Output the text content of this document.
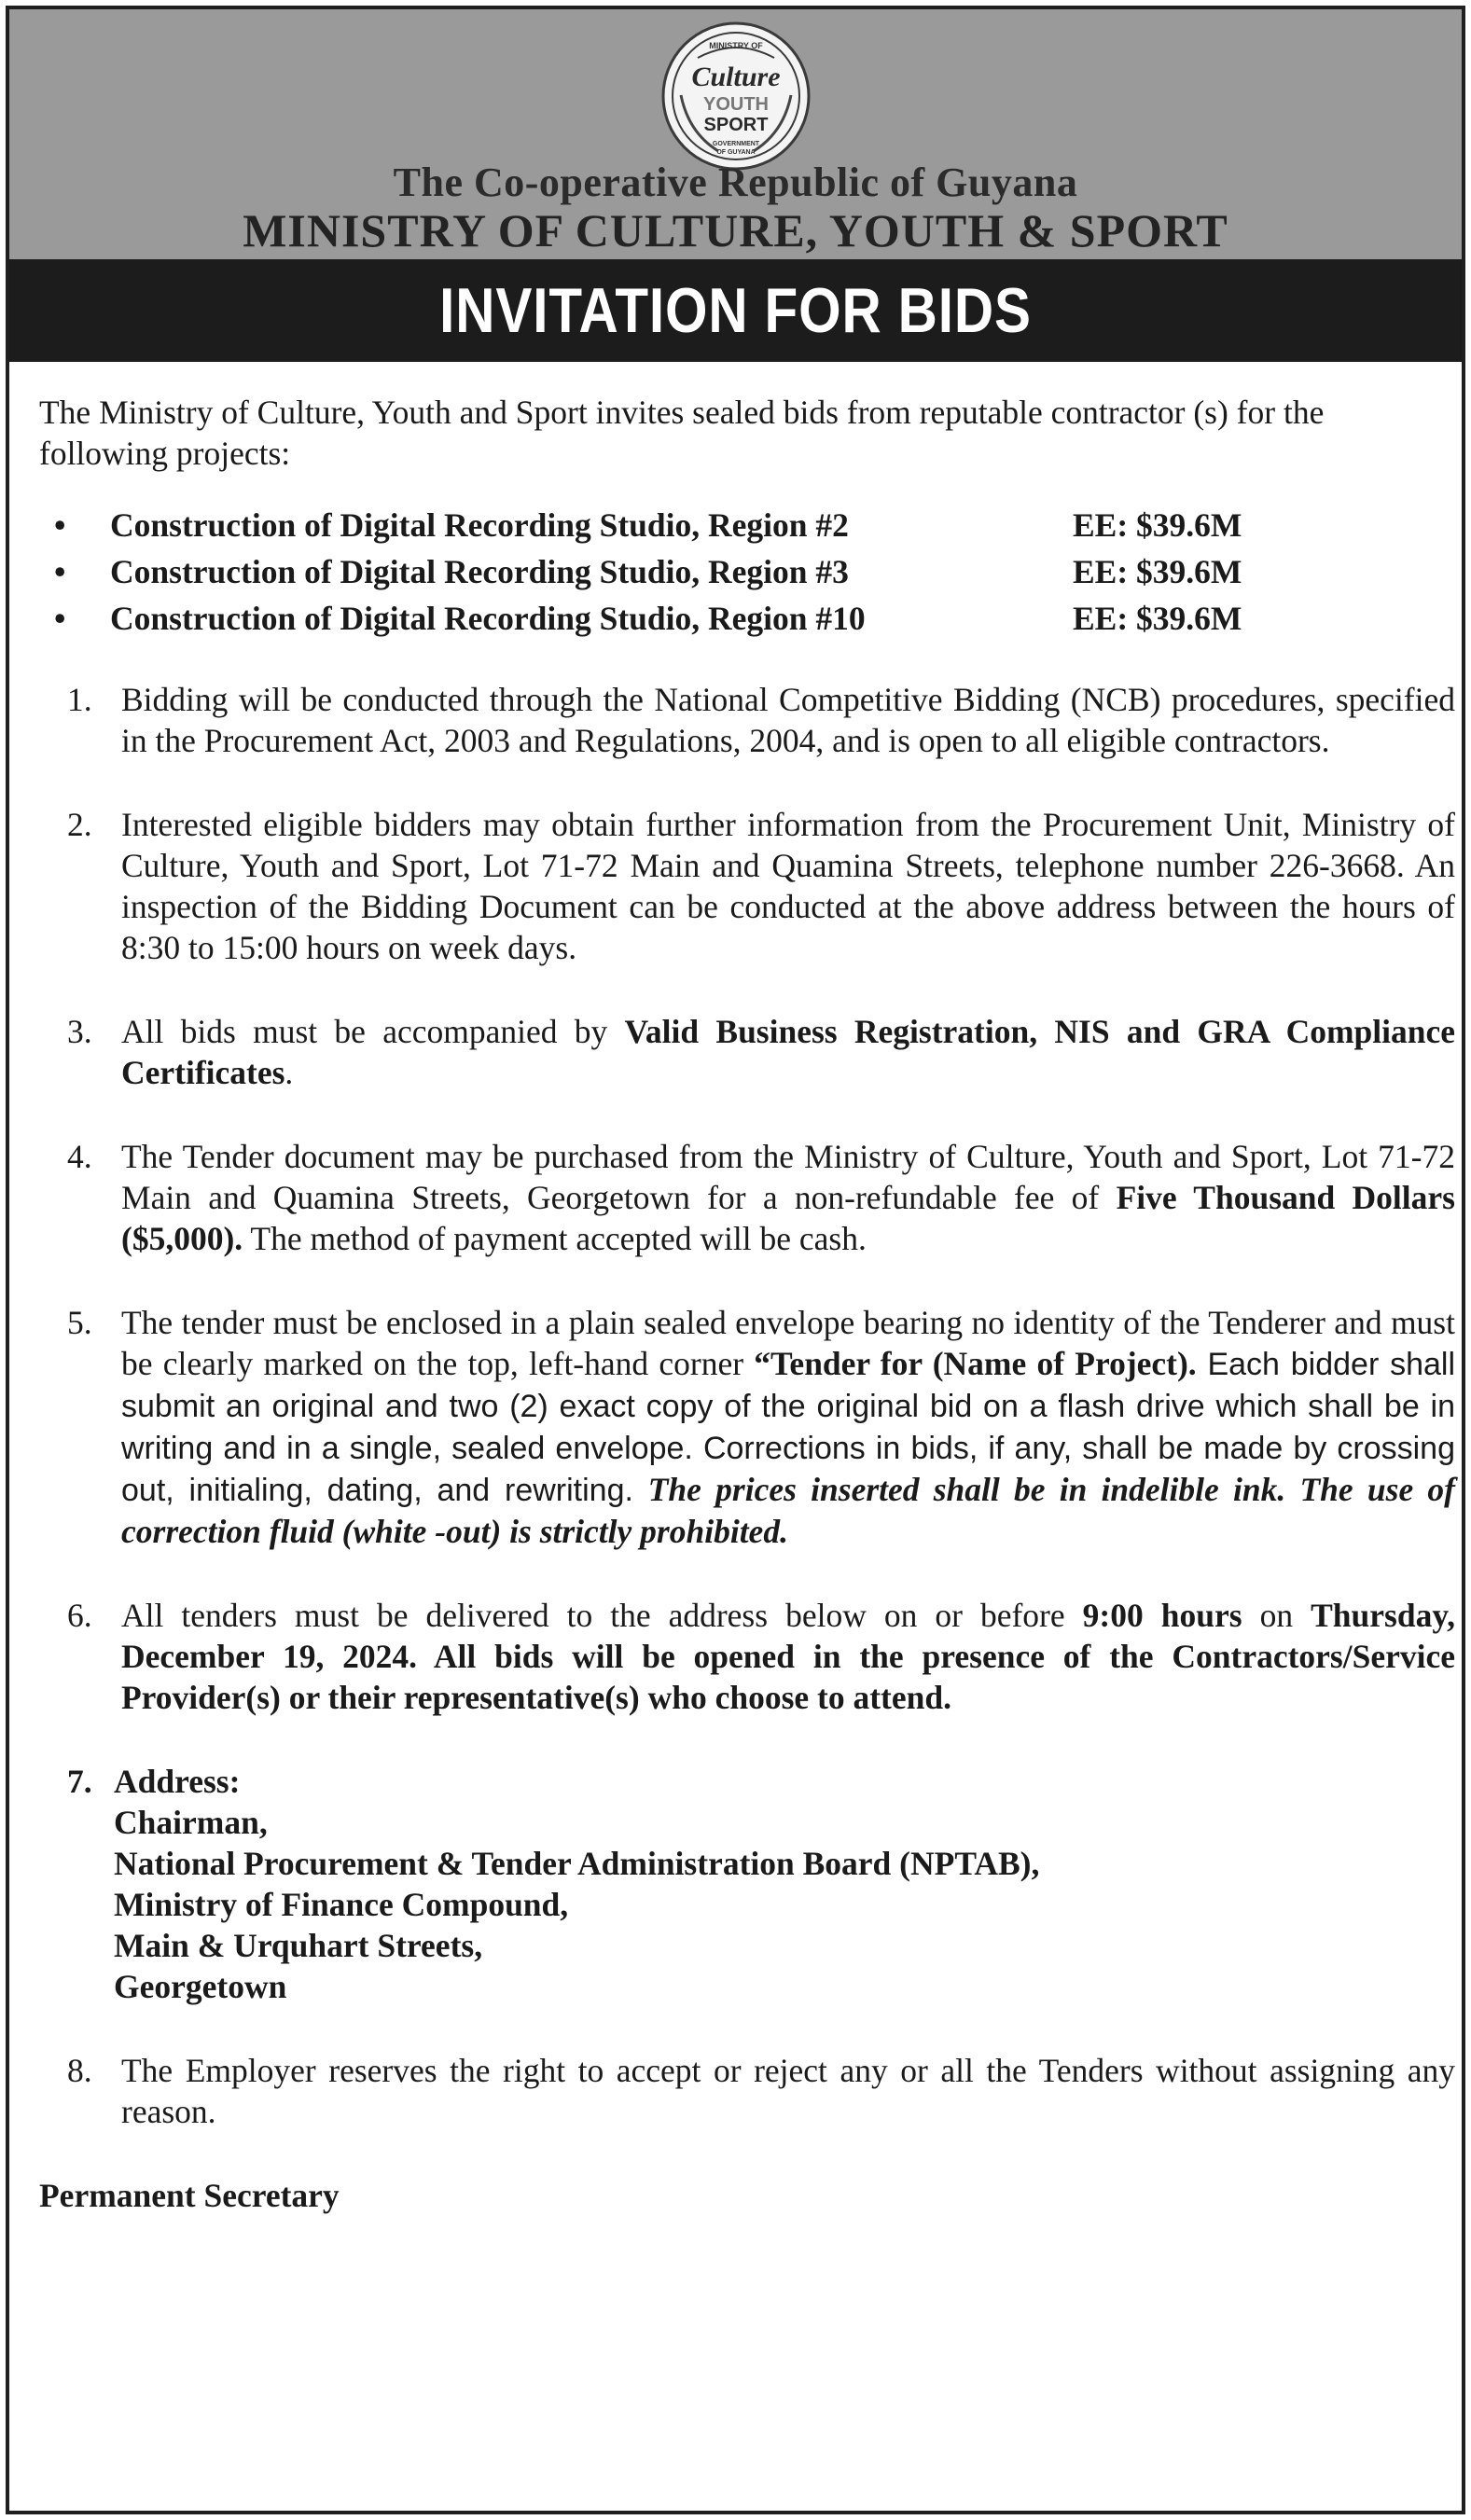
MINISTRY OF
Culture
YOUTH
SPORT
GOVERNMENT
OF GUYANA
The Co-operative Republic of Guyana
MINISTRY OF CULTURE, YOUTH & SPORT
INVITATION FOR BIDS

The Ministry of Culture, Youth and Sport invites sealed bids from reputable contractor (s) for the following projects:

• Construction of Digital Recording Studio, Region #2	EE: $39.6M
• Construction of Digital Recording Studio, Region #3	EE: $39.6M
• Construction of Digital Recording Studio, Region #10	EE: $39.6M
1. Bidding will be conducted through the National Competitive Bidding (NCB) procedures, specified in the Procurement Act, 2003 and Regulations, 2004, and is open to all eligible contractors.
2. Interested eligible bidders may obtain further information from the Procurement Unit, Ministry of Culture, Youth and Sport, Lot 71-72 Main and Quamina Streets, telephone number 226-3668. An inspection of the Bidding Document can be conducted at the above address between the hours of 8:30 to 15:00 hours on week days.
3. All bids must be accompanied by Valid Business Registration, NIS and GRA Compliance Certificates.
4. The Tender document may be purchased from the Ministry of Culture, Youth and Sport, Lot 71-72 Main and Quamina Streets, Georgetown for a non-refundable fee of Five Thousand Dollars ($5,000). The method of payment accepted will be cash.
5. The tender must be enclosed in a plain sealed envelope bearing no identity of the Tenderer and must be clearly marked on the top, left-hand corner “Tender for (Name of Project). Each bidder shall submit an original and two (2) exact copy of the original bid on a flash drive which shall be in writing and in a single, sealed envelope. Corrections in bids, if any, shall be made by crossing out, initialing, dating, and rewriting. The prices inserted shall be in indelible ink. The use of correction fluid (white -out) is strictly prohibited.
6. All tenders must be delivered to the address below on or before 9:00 hours on Thursday, December 19, 2024. All bids will be opened in the presence of the Contractors/Service Provider(s) or their representative(s) who choose to attend.
7. Address:
Chairman,
National Procurement & Tender Administration Board (NPTAB),
Ministry of Finance Compound,
Main & Urquhart Streets,
Georgetown
8. The Employer reserves the right to accept or reject any or all the Tenders without assigning any reason.

Permanent Secretary
